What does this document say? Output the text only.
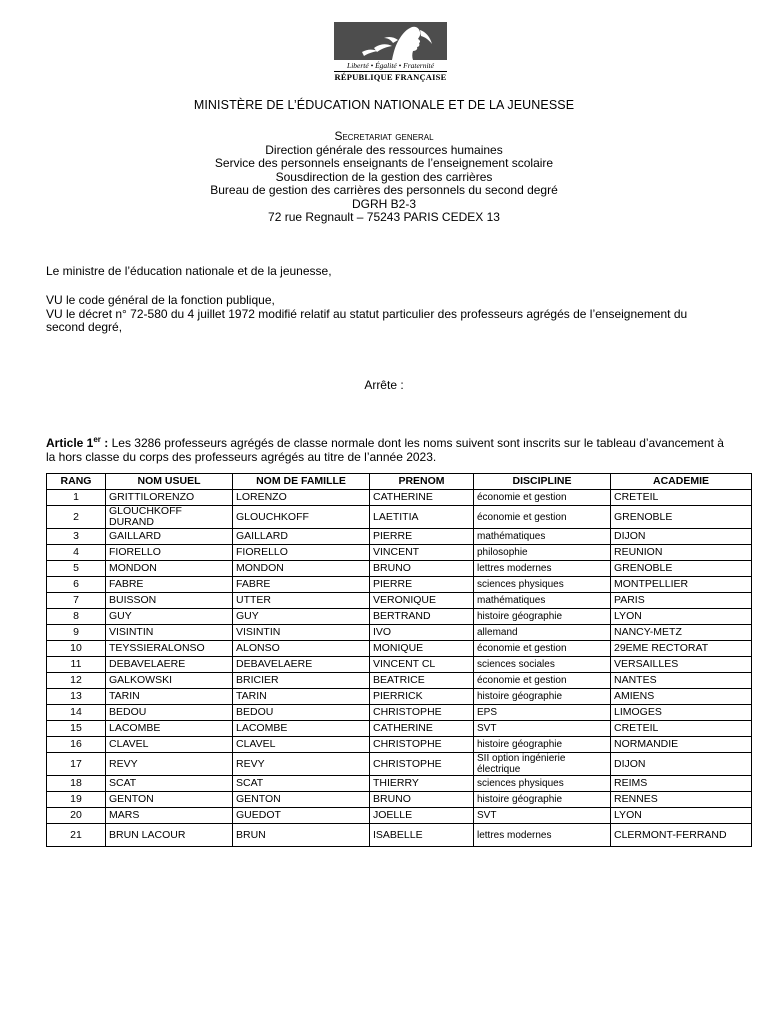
Liberté • Égalité • Fraternité
RÉPUBLIQUE FRANÇAISE
MINISTÈRE DE L’ÉDUCATION NATIONALE ET DE LA JEUNESSE
Secretariat general
Direction générale des ressources humaines
Service des personnels enseignants de l’enseignement scolaire
Sousdirection de la gestion des carrières
Bureau de gestion des carrières des personnels du second degré
DGRH B2-3
72 rue Regnault – 75243 PARIS CEDEX 13
Le ministre de l’éducation nationale et de la jeunesse,
VU le code général de la fonction publique,
VU le décret n° 72-580 du 4 juillet 1972 modifié relatif au statut particulier des professeurs agrégés de l’enseignement du second degré,
Arrête :
Article 1er : Les 3286 professeurs agrégés de classe normale dont les noms suivent sont inscrits sur le tableau d’avancement à la hors classe du corps des professeurs agrégés au titre de l’année 2023.
RANG	NOM USUEL	NOM DE FAMILLE	PRENOM	DISCIPLINE	ACADEMIE
1	GRITTILORENZO	LORENZO	CATHERINE	économie et gestion	CRETEIL
2	GLOUCHKOFF DURAND	GLOUCHKOFF	LAETITIA	économie et gestion	GRENOBLE
3	GAILLARD	GAILLARD	PIERRE	mathématiques	DIJON
4	FIORELLO	FIORELLO	VINCENT	philosophie	REUNION
5	MONDON	MONDON	BRUNO	lettres modernes	GRENOBLE
6	FABRE	FABRE	PIERRE	sciences physiques	MONTPELLIER
7	BUISSON	UTTER	VERONIQUE	mathématiques	PARIS
8	GUY	GUY	BERTRAND	histoire géographie	LYON
9	VISINTIN	VISINTIN	IVO	allemand	NANCY-METZ
10	TEYSSIERALONSO	ALONSO	MONIQUE	économie et gestion	29EME RECTORAT
11	DEBAVELAERE	DEBAVELAERE	VINCENT CL	sciences sociales	VERSAILLES
12	GALKOWSKI	BRICIER	BEATRICE	économie et gestion	NANTES
13	TARIN	TARIN	PIERRICK	histoire géographie	AMIENS
14	BEDOU	BEDOU	CHRISTOPHE	EPS	LIMOGES
15	LACOMBE	LACOMBE	CATHERINE	SVT	CRETEIL
16	CLAVEL	CLAVEL	CHRISTOPHE	histoire géographie	NORMANDIE
17	REVY	REVY	CHRISTOPHE	SII option ingénierie électrique	DIJON
18	SCAT	SCAT	THIERRY	sciences physiques	REIMS
19	GENTON	GENTON	BRUNO	histoire géographie	RENNES
20	MARS	GUEDOT	JOELLE	SVT	LYON
21	BRUN LACOUR	BRUN	ISABELLE	lettres modernes	CLERMONT-FERRAND
